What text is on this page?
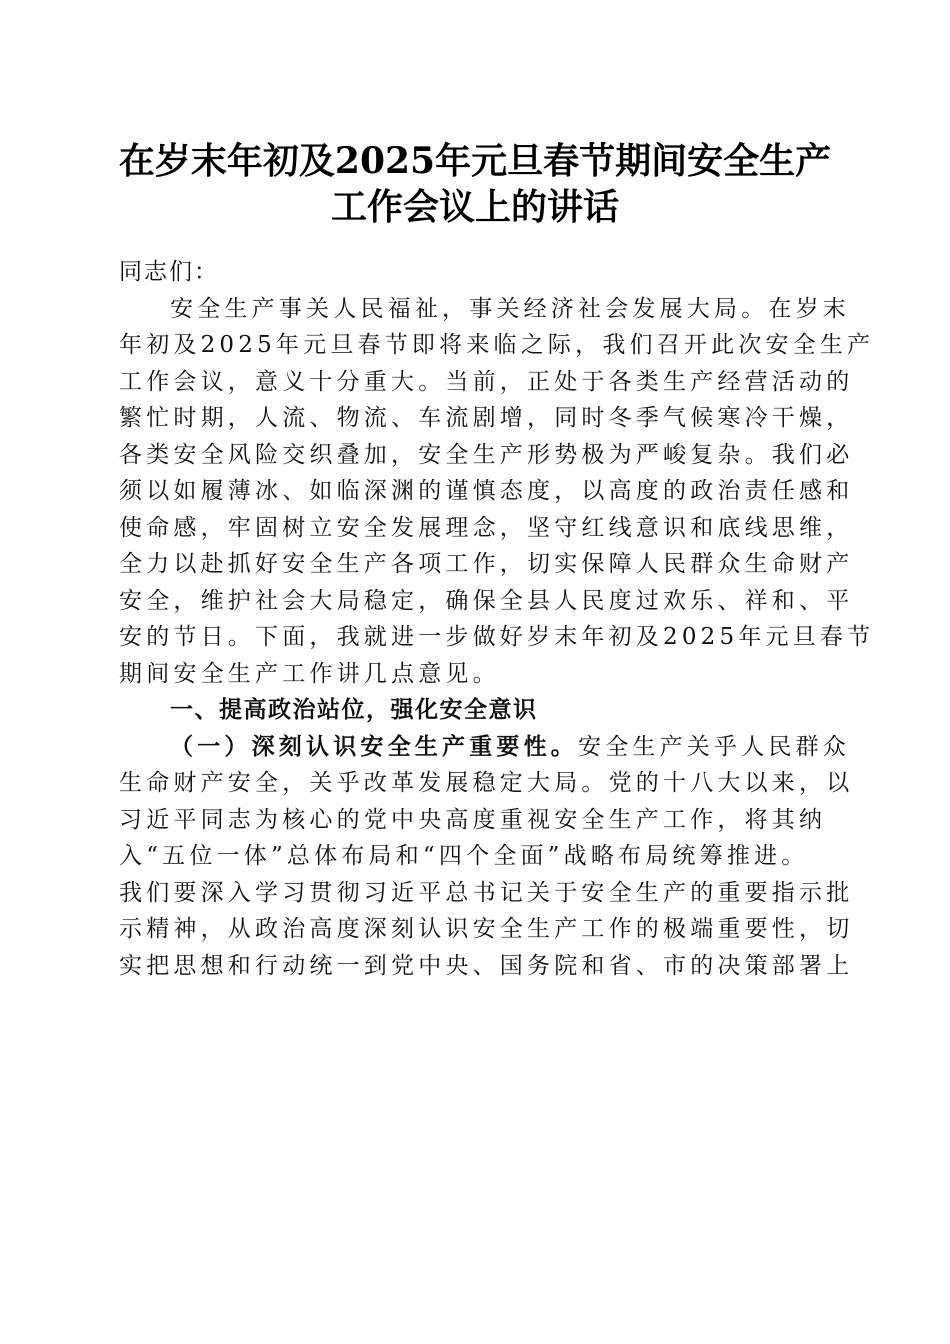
在岁末年初及2025年元旦春节期间安全生产
工作会议上的讲话
同志们：
安全生产事关人民福祉，事关经济社会发展大局。在岁末
年初及2025年元旦春节即将来临之际，我们召开此次安全生产
工作会议，意义十分重大。当前，正处于各类生产经营活动的
繁忙时期，人流、物流、车流剧增，同时冬季气候寒冷干燥，
各类安全风险交织叠加，安全生产形势极为严峻复杂。我们必
须以如履薄冰、如临深渊的谨慎态度，以高度的政治责任感和
使命感，牢固树立安全发展理念，坚守红线意识和底线思维，
全力以赴抓好安全生产各项工作，切实保障人民群众生命财产
安全，维护社会大局稳定，确保全县人民度过欢乐、祥和、平
安的节日。下面，我就进一步做好岁末年初及2025年元旦春节
期间安全生产工作讲几点意见。
一、提高政治站位，强化安全意识
（一）深刻认识安全生产重要性。安全生产关乎人民群众
生命财产安全，关乎改革发展稳定大局。党的十八大以来，以
习近平同志为核心的党中央高度重视安全生产工作，将其纳
入“五位一体”总体布局和“四个全面”战略布局统筹推进。
我们要深入学习贯彻习近平总书记关于安全生产的重要指示批
示精神，从政治高度深刻认识安全生产工作的极端重要性，切
实把思想和行动统一到党中央、国务院和省、市的决策部署上
